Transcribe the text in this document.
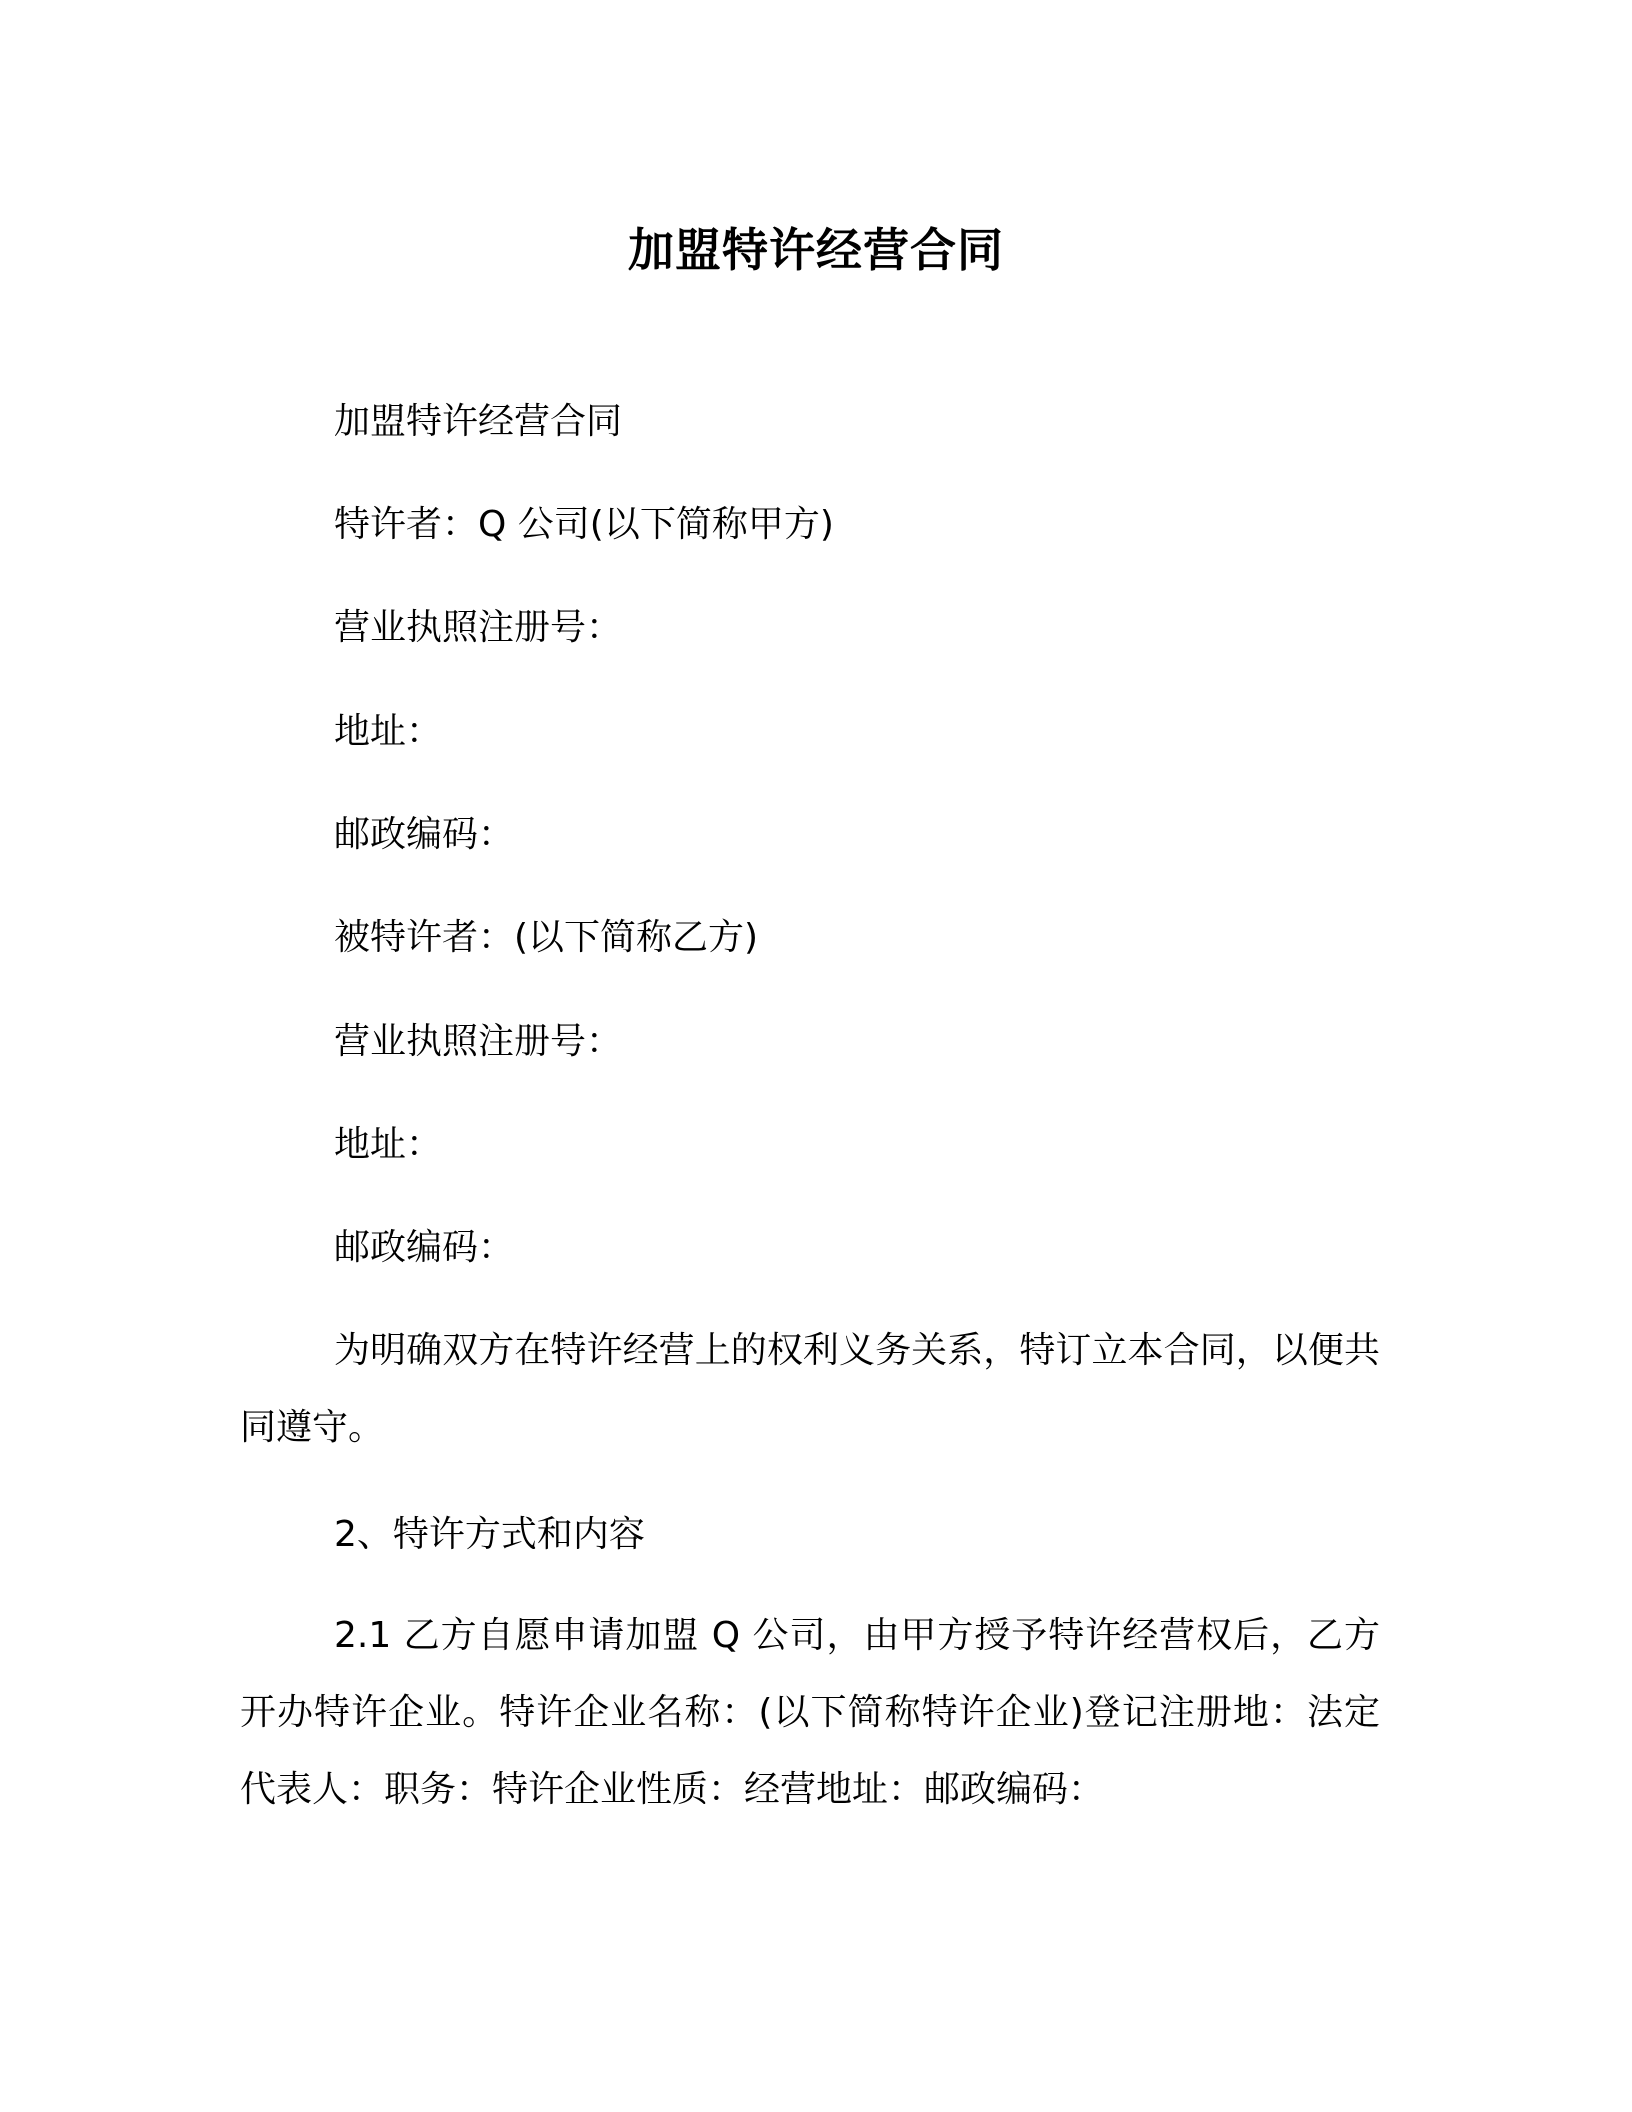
加盟特许经营合同
加盟特许经营合同
特许者：Q 公司(以下简称甲方)
营业执照注册号：
地址：
邮政编码：
被特许者：(以下简称乙方)
营业执照注册号：
地址：
邮政编码：
为明确双方在特许经营上的权利义务关系，特订立本合同，以便共同遵守。
2、特许方式和内容
2.1 乙方自愿申请加盟 Q 公司，由甲方授予特许经营权后，乙方开办特许企业。特许企业名称：(以下简称特许企业)登记注册地：法定代表人：职务：特许企业性质：经营地址：邮政编码：
